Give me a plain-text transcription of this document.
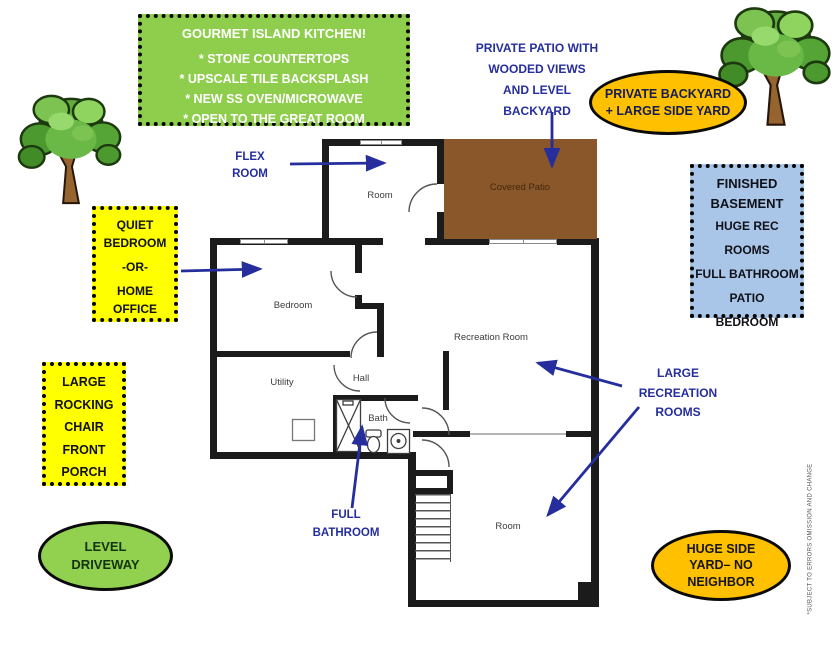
Room
Covered Patio
Bedroom
Utility	Hall
Bath
Recreation Room
Room
GOURMET ISLAND KITCHEN!
* STONE COUNTERTOPS
* UPSCALE TILE BACKSPLASH
* NEW SS OVEN/MICROWAVE
* OPEN TO THE GREAT ROOM
PRIVATE PATIO WITH
WOODED VIEWS
AND LEVEL
BACKYARD
PRIVATE BACKYARD
+ LARGE SIDE YARD
FINISHED
BASEMENT
HUGE REC ROOMS
FULL BATHROOM
PATIO
BEDROOM
QUIET
BEDROOM
-OR-
HOME
OFFICE
FLEX
ROOM
LARGE
ROCKING
CHAIR
FRONT
PORCH
LEVEL
DRIVEWAY
LARGE
RECREATION
ROOMS
FULL
BATHROOM
HUGE SIDE
YARD– NO
NEIGHBOR	*SUBJECT TO ERRORS OMISSION AND CHANGE
